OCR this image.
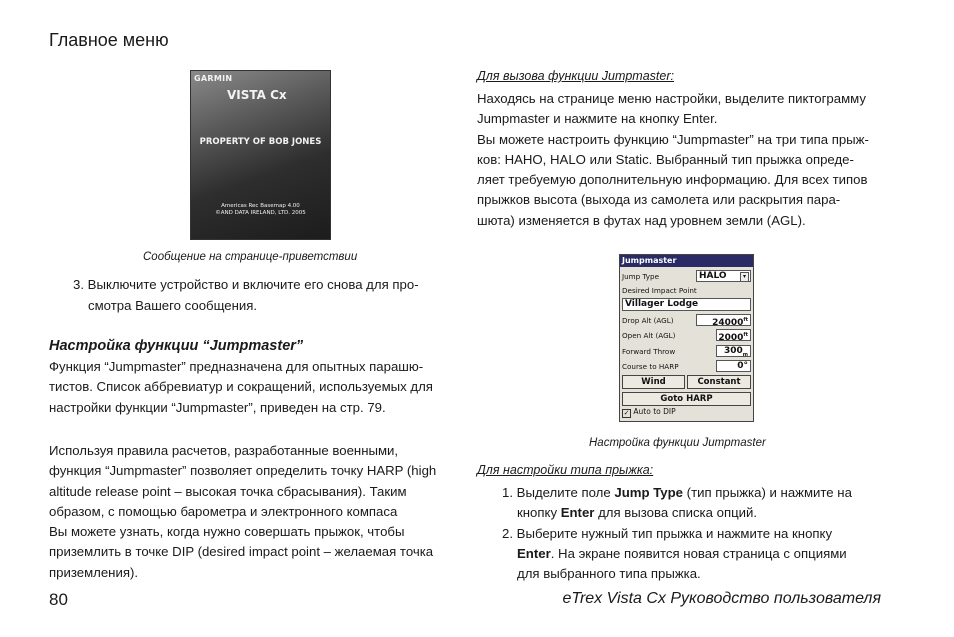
Главное меню
GARMIN
VISTA Cx
PROPERTY OF BOB JONES
Americas Rec Basemap 4.00
©AND DATA IRELAND, LTD. 2005
Сообщение на странице-приветствии
3. Выключите устройство и включите его снова для про-
смотра Вашего сообщения.
Настройка функции “Jumpmaster”
Функция “Jumpmaster” предназначена для опытных парашю-
тистов. Список аббревиатур и сокращений, используемых для
настройки функции “Jumpmaster”, приведен на стр. 79.
Используя правила расчетов, разработанные военными,
функция “Jumpmaster” позволяет определить точку HARP (high
altitude release point – высокая точка сбрасывания). Таким
образом, с помощью барометра и электронного компаса
Вы можете узнать, когда нужно совершать прыжок, чтобы
приземлить в точке DIP (desired impact point – желаемая точка
приземления).
Для вызова функции Jumpmaster:
Находясь на странице меню настройки, выделите пиктограмму
Jumpmaster и нажмите на кнопку Enter.
Вы можете настроить функцию “Jumpmaster” на три типа прыж-
ков: HAHO, HALO или Static. Выбранный тип прыжка опреде-
ляет требуемую дополнительную информацию. Для всех типов
прыжков высота (выхода из самолета или раскрытия пара-
шюта) изменяется в футах над уровнем земли (AGL).
Jumpmaster
Jump Type	HALO	▾
Desired Impact Point
Villager Lodge
Drop Alt (AGL)	$24000^{ft}$
Open Alt (AGL)	$2000^{ft}$
Forward Throw	$300_m$
Course to HARP	0°
Wind	Constant
Goto HARP
✓ Auto to DIP
Настройка функции Jumpmaster
Для настройки типа прыжка:
1. Выделите поле Jump Type (тип прыжка) и нажмите на
кнопку Enter для вызова списка опций.
2. Выберите нужный тип прыжка и нажмите на кнопку
Enter. На экране появится новая страница с опциями
для выбранного типа прыжка.
80	eTrex Vista Cx Руководство пользователя
